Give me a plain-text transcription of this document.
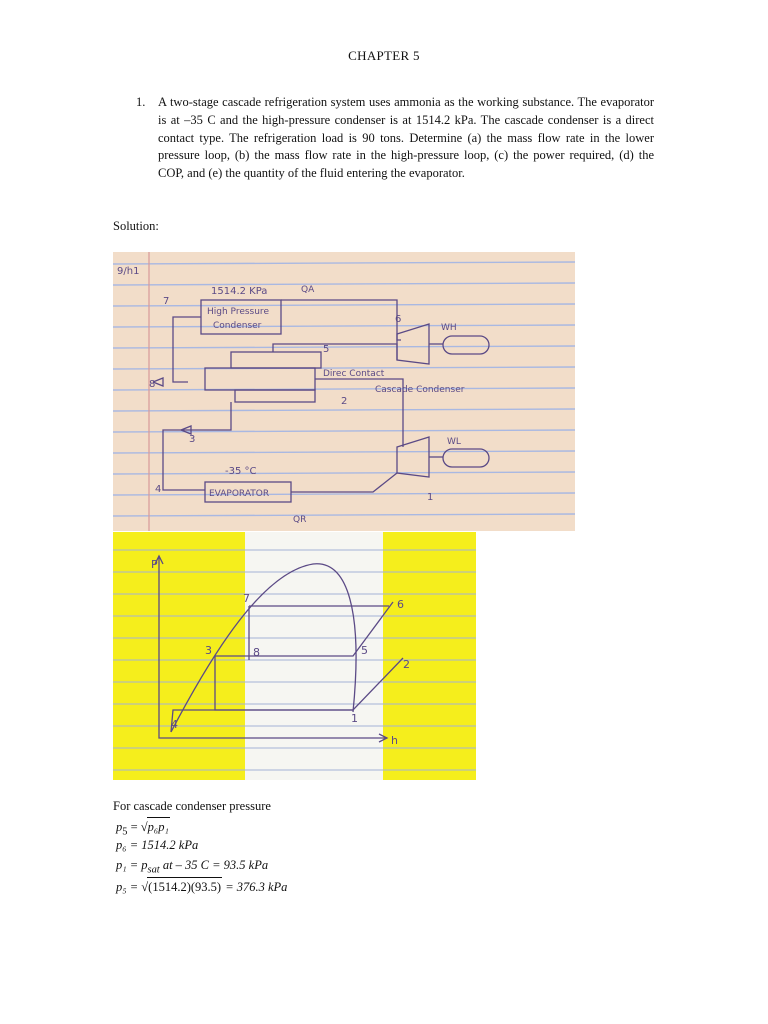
CHAPTER 5
1. A two-stage cascade refrigeration system uses ammonia as the working substance. The evaporator is at –35 C and the high-pressure condenser is at 1514.2 kPa. The cascade condenser is a direct contact type. The refrigeration load is 90 tons. Determine (a) the mass flow rate in the lower pressure loop, (b) the mass flow rate in the high-pressure loop, (c) the power required, (d) the COP, and (e) the quantity of the fluid entering the evaporator.
Solution:
9/h1
1514.2 KPa
High Pressure
Condenser
Direc Contact
Cascade Condenser
-35 °C
EVAPORATOR
7
6
5
8
4
3
2
1
QR
QA
WH
WL
P
h
1
2
3
4
5
6
7
8
For cascade condenser pressure
$p_5 = √p_6p_1$
p₆ = 1514.2 kPa
$p_1 = p_{sat}$ at – 35 C = 93.5 kPa
p₅ = √(1514.2)(93.5) = 376.3 kPa
